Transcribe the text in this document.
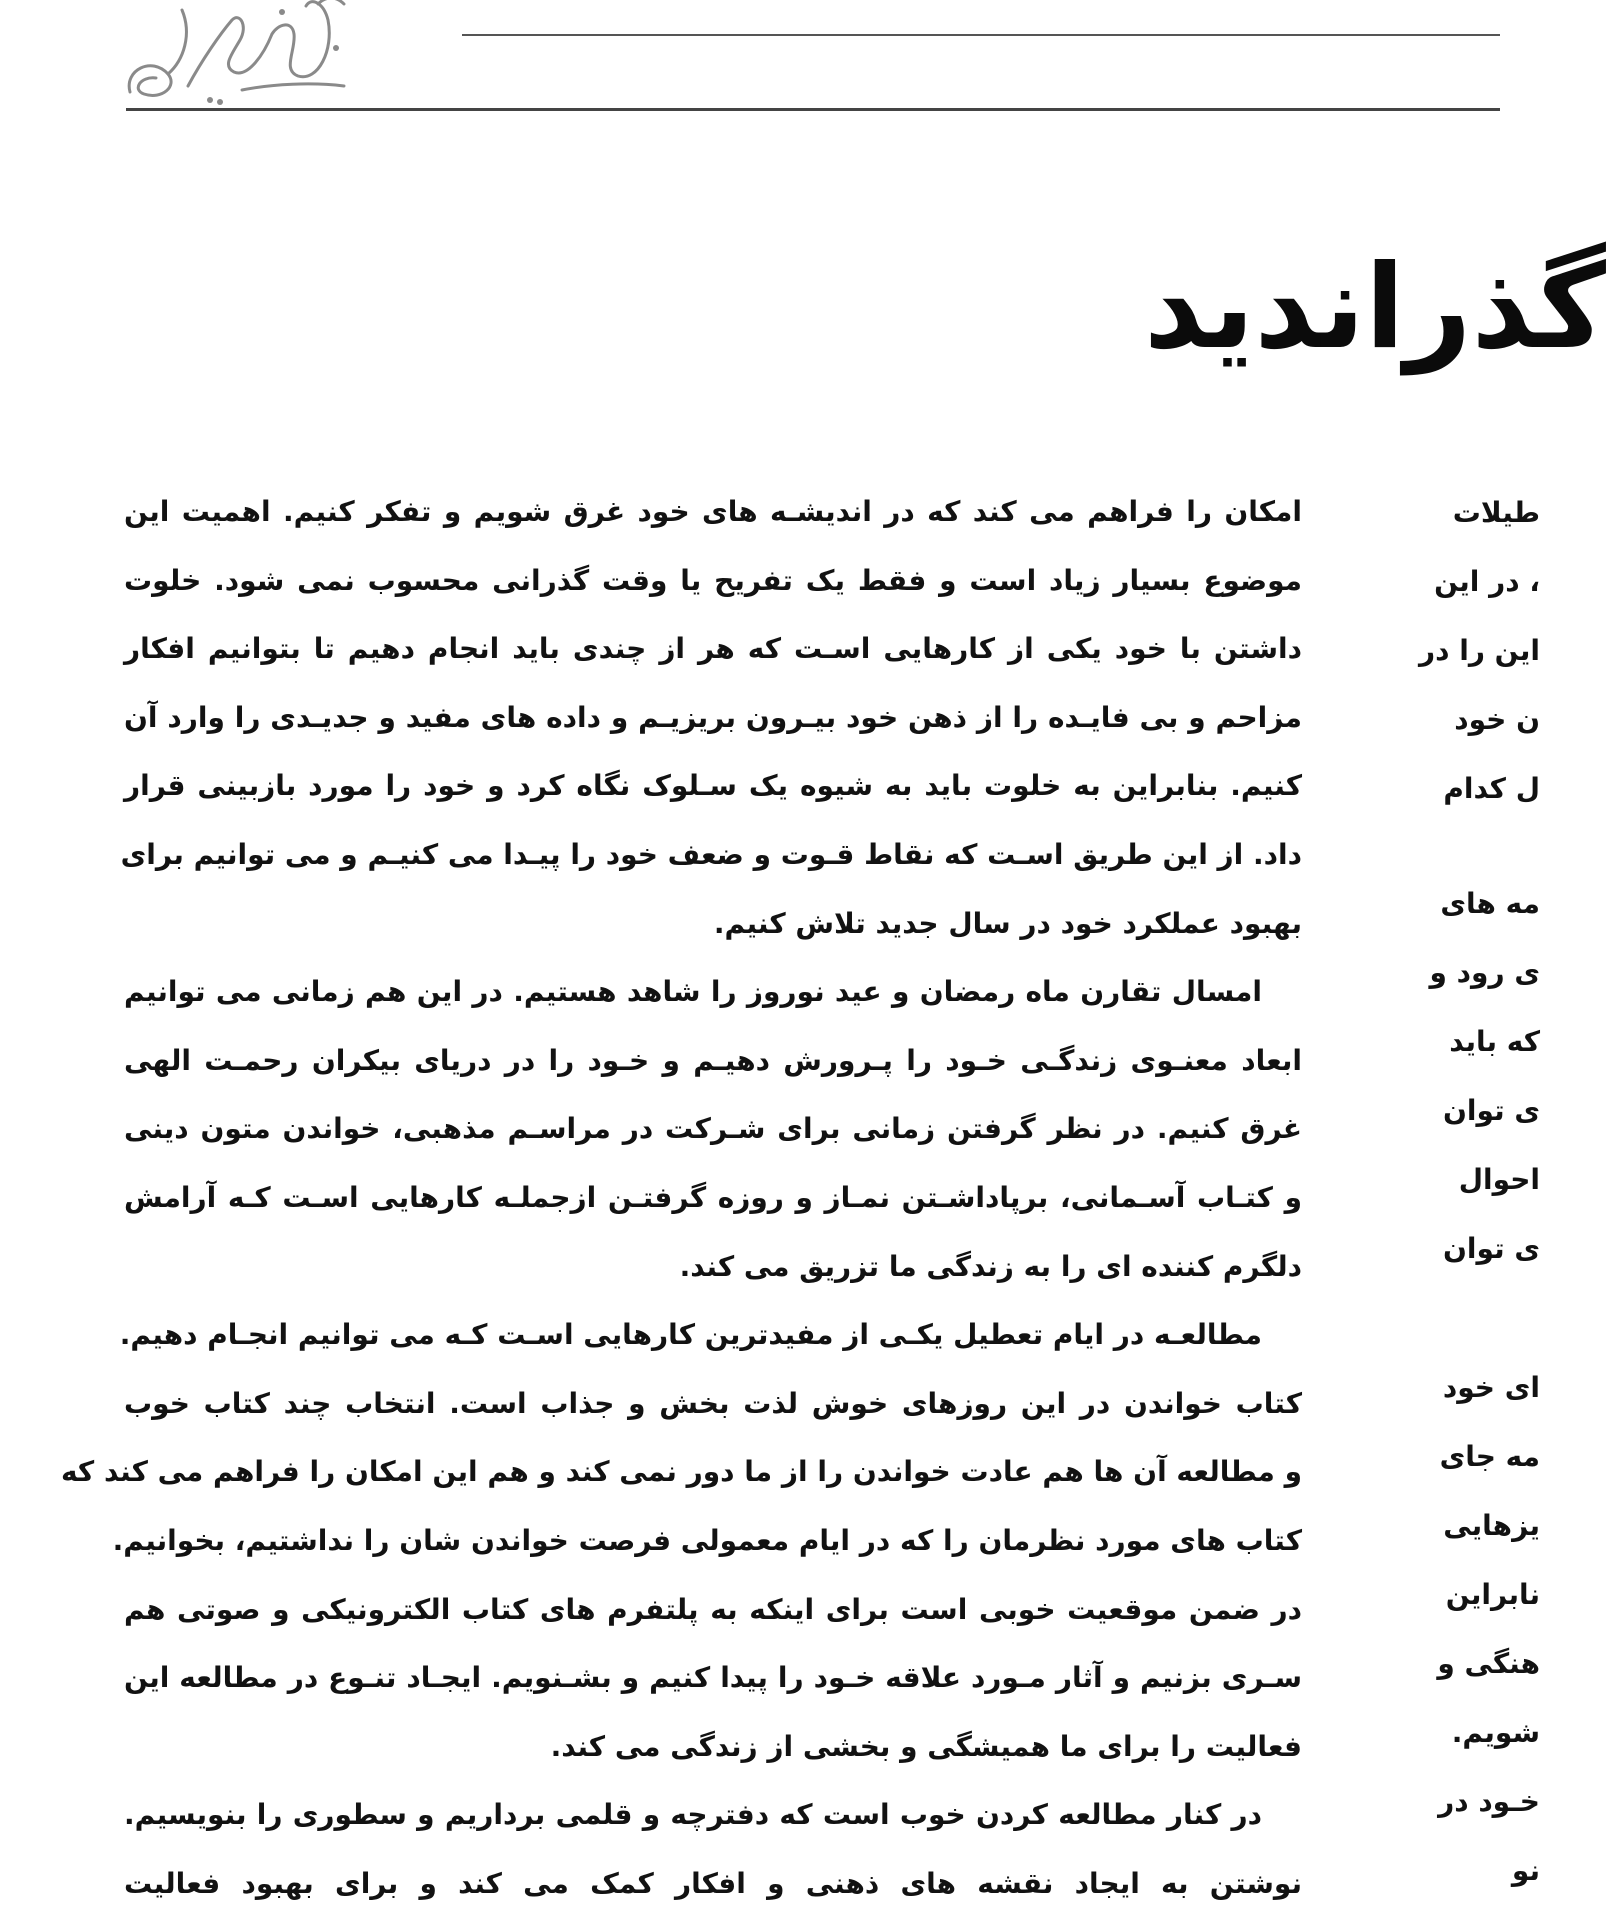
گذراندید
امکان را فراهم می کند که در اندیشـه های خود غرق شویم و تفکر کنیم. اهمیت این
موضوع بسیار زیاد است و فقط یک تفریح یا وقت گذرانی محسوب نمی شود. خلوت
داشتن با خود یکی از کارهایی اسـت که هر از چندی باید انجام دهیم تا بتوانیم افکار
مزاحم و بی فایـده را از ذهن خود بیـرون بریزیـم و داده های مفید و جدیـدی را وارد آن
کنیم. بنابراین به خلوت باید به شیوه یک سـلوک نگاه کرد و خود را مورد بازبینی قرار
داد. از این طریق اسـت که نقاط قـوت و ضعف خود را پیـدا می کنیـم و می توانیم برای
بهبود عملکرد خود در سال جدید تلاش کنیم.
امسال تقارن ماه رمضان و عید نوروز را شاهد هستیم. در این هم زمانی می توانیم
ابعاد معنـوی زندگـی خـود را پـرورش دهیـم و خـود را در دریای بیکران رحمـت الهی
غرق کنیم. در نظر گرفتن زمانی برای شـرکت در مراسـم مذهبی، خواندن متون دینی
و کتـاب آسـمانی، برپاداشـتن نمـاز و روزه گرفتـن ازجملـه کارهایی اسـت کـه آرامش
دلگرم کننده ای را به زندگی ما تزریق می کند.
مطالعـه در ایام تعطیل یکـی از مفیدترین کارهایی اسـت کـه می توانیم انجـام دهیم.
کتاب خواندن در این روزهای خوش لذت بخش و جذاب است. انتخاب چند کتاب خوب
و مطالعه آن ها هم عادت خواندن را از ما دور نمی کند و هم این امکان را فراهم می کند که
کتاب های مورد نظرمان را که در ایام معمولی فرصت خواندن شان را نداشتیم، بخوانیم.
در ضمن موقعیت خوبی است برای اینکه به پلتفرم های کتاب الکترونیکی و صوتی هم
سـری بزنیم و آثار مـورد علاقه خـود را پیدا کنیم و بشـنویم. ایجـاد تنـوع در مطالعه این
فعالیت را برای ما همیشگی و بخشی از زندگی می کند.
در کنار مطالعه کردن خوب است که دفترچه و قلمی برداریم و سطوری را بنویسیم.
نوشتن به ایجاد نقشه های ذهنی و افکار کمک می کند و برای بهبود فعالیت
طیلات
، در این
این را در
ن خود
ل کدام
مه های
ی رود و
که باید
ی توان
احوال
ی توان
ای خود
مه جای
یزهایی
نابراین
هنگی و
شویم.
خـود در
نو
